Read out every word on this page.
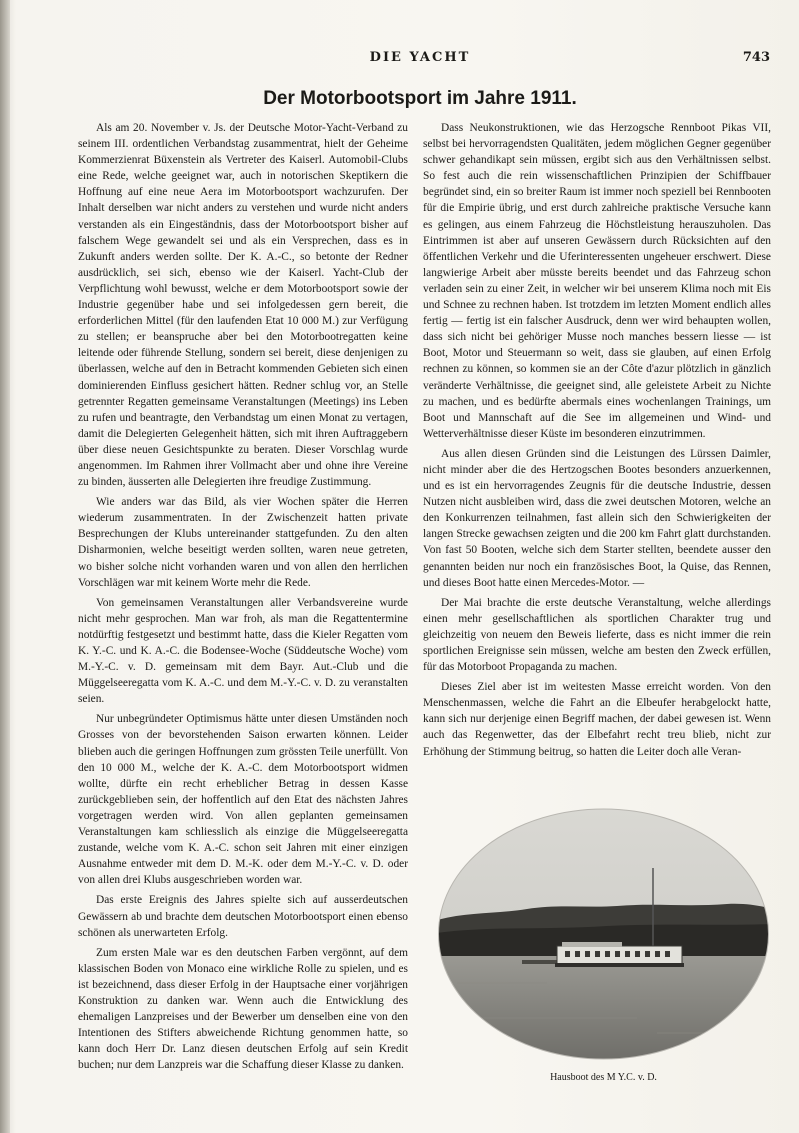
DIE YACHT	743
Der Motorbootsport im Jahre 1911.

Als am 20. November v. Js. der Deutsche Motor-Yacht-Verband zu seinem III. ordentlichen Verbandstag zusammentrat, hielt der Geheime Kommerzienrat Büxenstein als Vertreter des Kaiserl. Automobil-Clubs eine Rede, welche geeignet war, auch in notorischen Skeptikern die Hoffnung auf eine neue Aera im Motorbootsport wachzurufen. Der Inhalt derselben war nicht anders zu verstehen und wurde nicht anders verstanden als ein Eingeständnis, dass der Motorbootsport bisher auf falschem Wege gewandelt sei und als ein Versprechen, dass es in Zukunft anders werden sollte. Der K. A.-C., so betonte der Redner ausdrücklich, sei sich, ebenso wie der Kaiserl. Yacht-Club der Verpflichtung wohl bewusst, welche er dem Motorbootsport sowie der Industrie gegenüber habe und sei infolgedessen gern bereit, die erforderlichen Mittel (für den laufenden Etat 10 000 M.) zur Verfügung zu stellen; er beanspruche aber bei den Motorbootregatten keine leitende oder führende Stellung, sondern sei bereit, diese denjenigen zu überlassen, welche auf den in Betracht kommenden Gebieten sich einen dominierenden Einfluss gesichert hätten. Redner schlug vor, an Stelle getrennter Regatten gemeinsame Veranstaltungen (Meetings) ins Leben zu rufen und beantragte, den Verbandstag um einen Monat zu vertagen, damit die Delegierten Gelegenheit hätten, sich mit ihren Auftraggebern über diese neuen Gesichtspunkte zu beraten. Dieser Vorschlag wurde angenommen. Im Rahmen ihrer Vollmacht aber und ohne ihre Vereine zu binden, äusserten alle Delegierten ihre freudige Zustimmung.

Wie anders war das Bild, als vier Wochen später die Herren wiederum zusammentraten. In der Zwischenzeit hatten private Besprechungen der Klubs untereinander stattgefunden. Zu den alten Disharmonien, welche beseitigt werden sollten, waren neue getreten, wo bisher solche nicht vorhanden waren und von allen den herrlichen Vorschlägen war mit keinem Worte mehr die Rede.

Von gemeinsamen Veranstaltungen aller Verbandsvereine wurde nicht mehr gesprochen. Man war froh, als man die Regattentermine notdürftig festgesetzt und bestimmt hatte, dass die Kieler Regatten vom K. Y.-C. und K. A.-C. die Bodensee-Woche (Süddeutsche Woche) vom M.-Y.-C. v. D. gemeinsam mit dem Bayr. Aut.-Club und die Müggelseeregatta vom K. A.-C. und dem M.-Y.-C. v. D. zu veranstalten seien.

Nur unbegründeter Optimismus hätte unter diesen Umständen noch Grosses von der bevorstehenden Saison erwarten können. Leider blieben auch die geringen Hoffnungen zum grössten Teile unerfüllt. Von den 10 000 M., welche der K. A.-C. dem Motorbootsport widmen wollte, dürfte ein recht erheblicher Betrag in dessen Kasse zurückgeblieben sein, der hoffentlich auf den Etat des nächsten Jahres vorgetragen werden wird. Von allen geplanten gemeinsamen Veranstaltungen kam schliesslich als einzige die Müggelseeregatta zustande, welche vom K. A.-C. schon seit Jahren mit einer einzigen Ausnahme entweder mit dem D. M.-K. oder dem M.-Y.-C. v. D. oder von allen drei Klubs ausgeschrieben worden war.

Das erste Ereignis des Jahres spielte sich auf ausserdeutschen Gewässern ab und brachte dem deutschen Motorbootsport einen ebenso schönen als unerwarteten Erfolg.

Zum ersten Male war es den deutschen Farben vergönnt, auf dem klassischen Boden von Monaco eine wirkliche Rolle zu spielen, und es ist bezeichnend, dass dieser Erfolg in der Hauptsache einer vorjährigen Konstruktion zu danken war. Wenn auch die Entwicklung des ehemaligen Lanzpreises und der Bewerber um denselben eine von den Intentionen des Stifters abweichende Richtung genommen hatte, so kann doch Herr Dr. Lanz diesen deutschen Erfolg auf sein Kredit buchen; nur dem Lanzpreis war die Schaffung dieser Klasse zu danken.

Dass Neukonstruktionen, wie das Herzogsche Rennboot Pikas VII, selbst bei hervorragendsten Qualitäten, jedem möglichen Gegner gegenüber schwer gehandikapt sein müssen, ergibt sich aus den Verhältnissen selbst. So fest auch die rein wissenschaftlichen Prinzipien der Schiffbauer begründet sind, ein so breiter Raum ist immer noch speziell bei Rennbooten für die Empirie übrig, und erst durch zahlreiche praktische Versuche kann es gelingen, aus einem Fahrzeug die Höchstleistung herauszuholen. Das Eintrimmen ist aber auf unseren Gewässern durch Rücksichten auf den öffentlichen Verkehr und die Uferinteressenten ungeheuer erschwert. Diese langwierige Arbeit aber müsste bereits beendet und das Fahrzeug schon verladen sein zu einer Zeit, in welcher wir bei unserem Klima noch mit Eis und Schnee zu rechnen haben. Ist trotzdem im letzten Moment endlich alles fertig — fertig ist ein falscher Ausdruck, denn wer wird behaupten wollen, dass sich nicht bei gehöriger Musse noch manches bessern liesse — ist Boot, Motor und Steuermann so weit, dass sie glauben, auf einen Erfolg rechnen zu können, so kommen sie an der Côte d'azur plötzlich in gänzlich veränderte Verhältnisse, die geeignet sind, alle geleistete Arbeit zu Nichte zu machen, und es bedürfte abermals eines wochenlangen Trainings, um Boot und Mannschaft auf die See im allgemeinen und Wind- und Wetterverhältnisse dieser Küste im besonderen einzutrimmen.

Aus allen diesen Gründen sind die Leistungen des Lürssen Daimler, nicht minder aber die des Hertzogschen Bootes besonders anzuerkennen, und es ist ein hervorragendes Zeugnis für die deutsche Industrie, dessen Nutzen nicht ausbleiben wird, dass die zwei deutschen Motoren, welche an den Konkurrenzen teilnahmen, fast allein sich den Schwierigkeiten der langen Strecke gewachsen zeigten und die 200 km Fahrt glatt durchstanden. Von fast 50 Booten, welche sich dem Starter stellten, beendete ausser den genannten beiden nur noch ein französisches Boot, la Quise, das Rennen, und dieses Boot hatte einen Mercedes-Motor. —

Der Mai brachte die erste deutsche Veranstaltung, welche allerdings einen mehr gesellschaftlichen als sportlichen Charakter trug und gleichzeitig von neuem den Beweis lieferte, dass es nicht immer die rein sportlichen Ereignisse sein müssen, welche am besten den Zweck erfüllen, für das Motorboot Propaganda zu machen.

Dieses Ziel aber ist im weitesten Masse erreicht worden. Von den Menschenmassen, welche die Fahrt an die Elbeufer herabgelockt hatte, kann sich nur derjenige einen Begriff machen, der dabei gewesen ist. Wenn auch das Regenwetter, das der Elbefahrt recht treu blieb, nicht zur Erhöhung der Stimmung beitrug, so hatten die Leiter doch alle Veran-

Hausboot des M Y.C. v. D.
